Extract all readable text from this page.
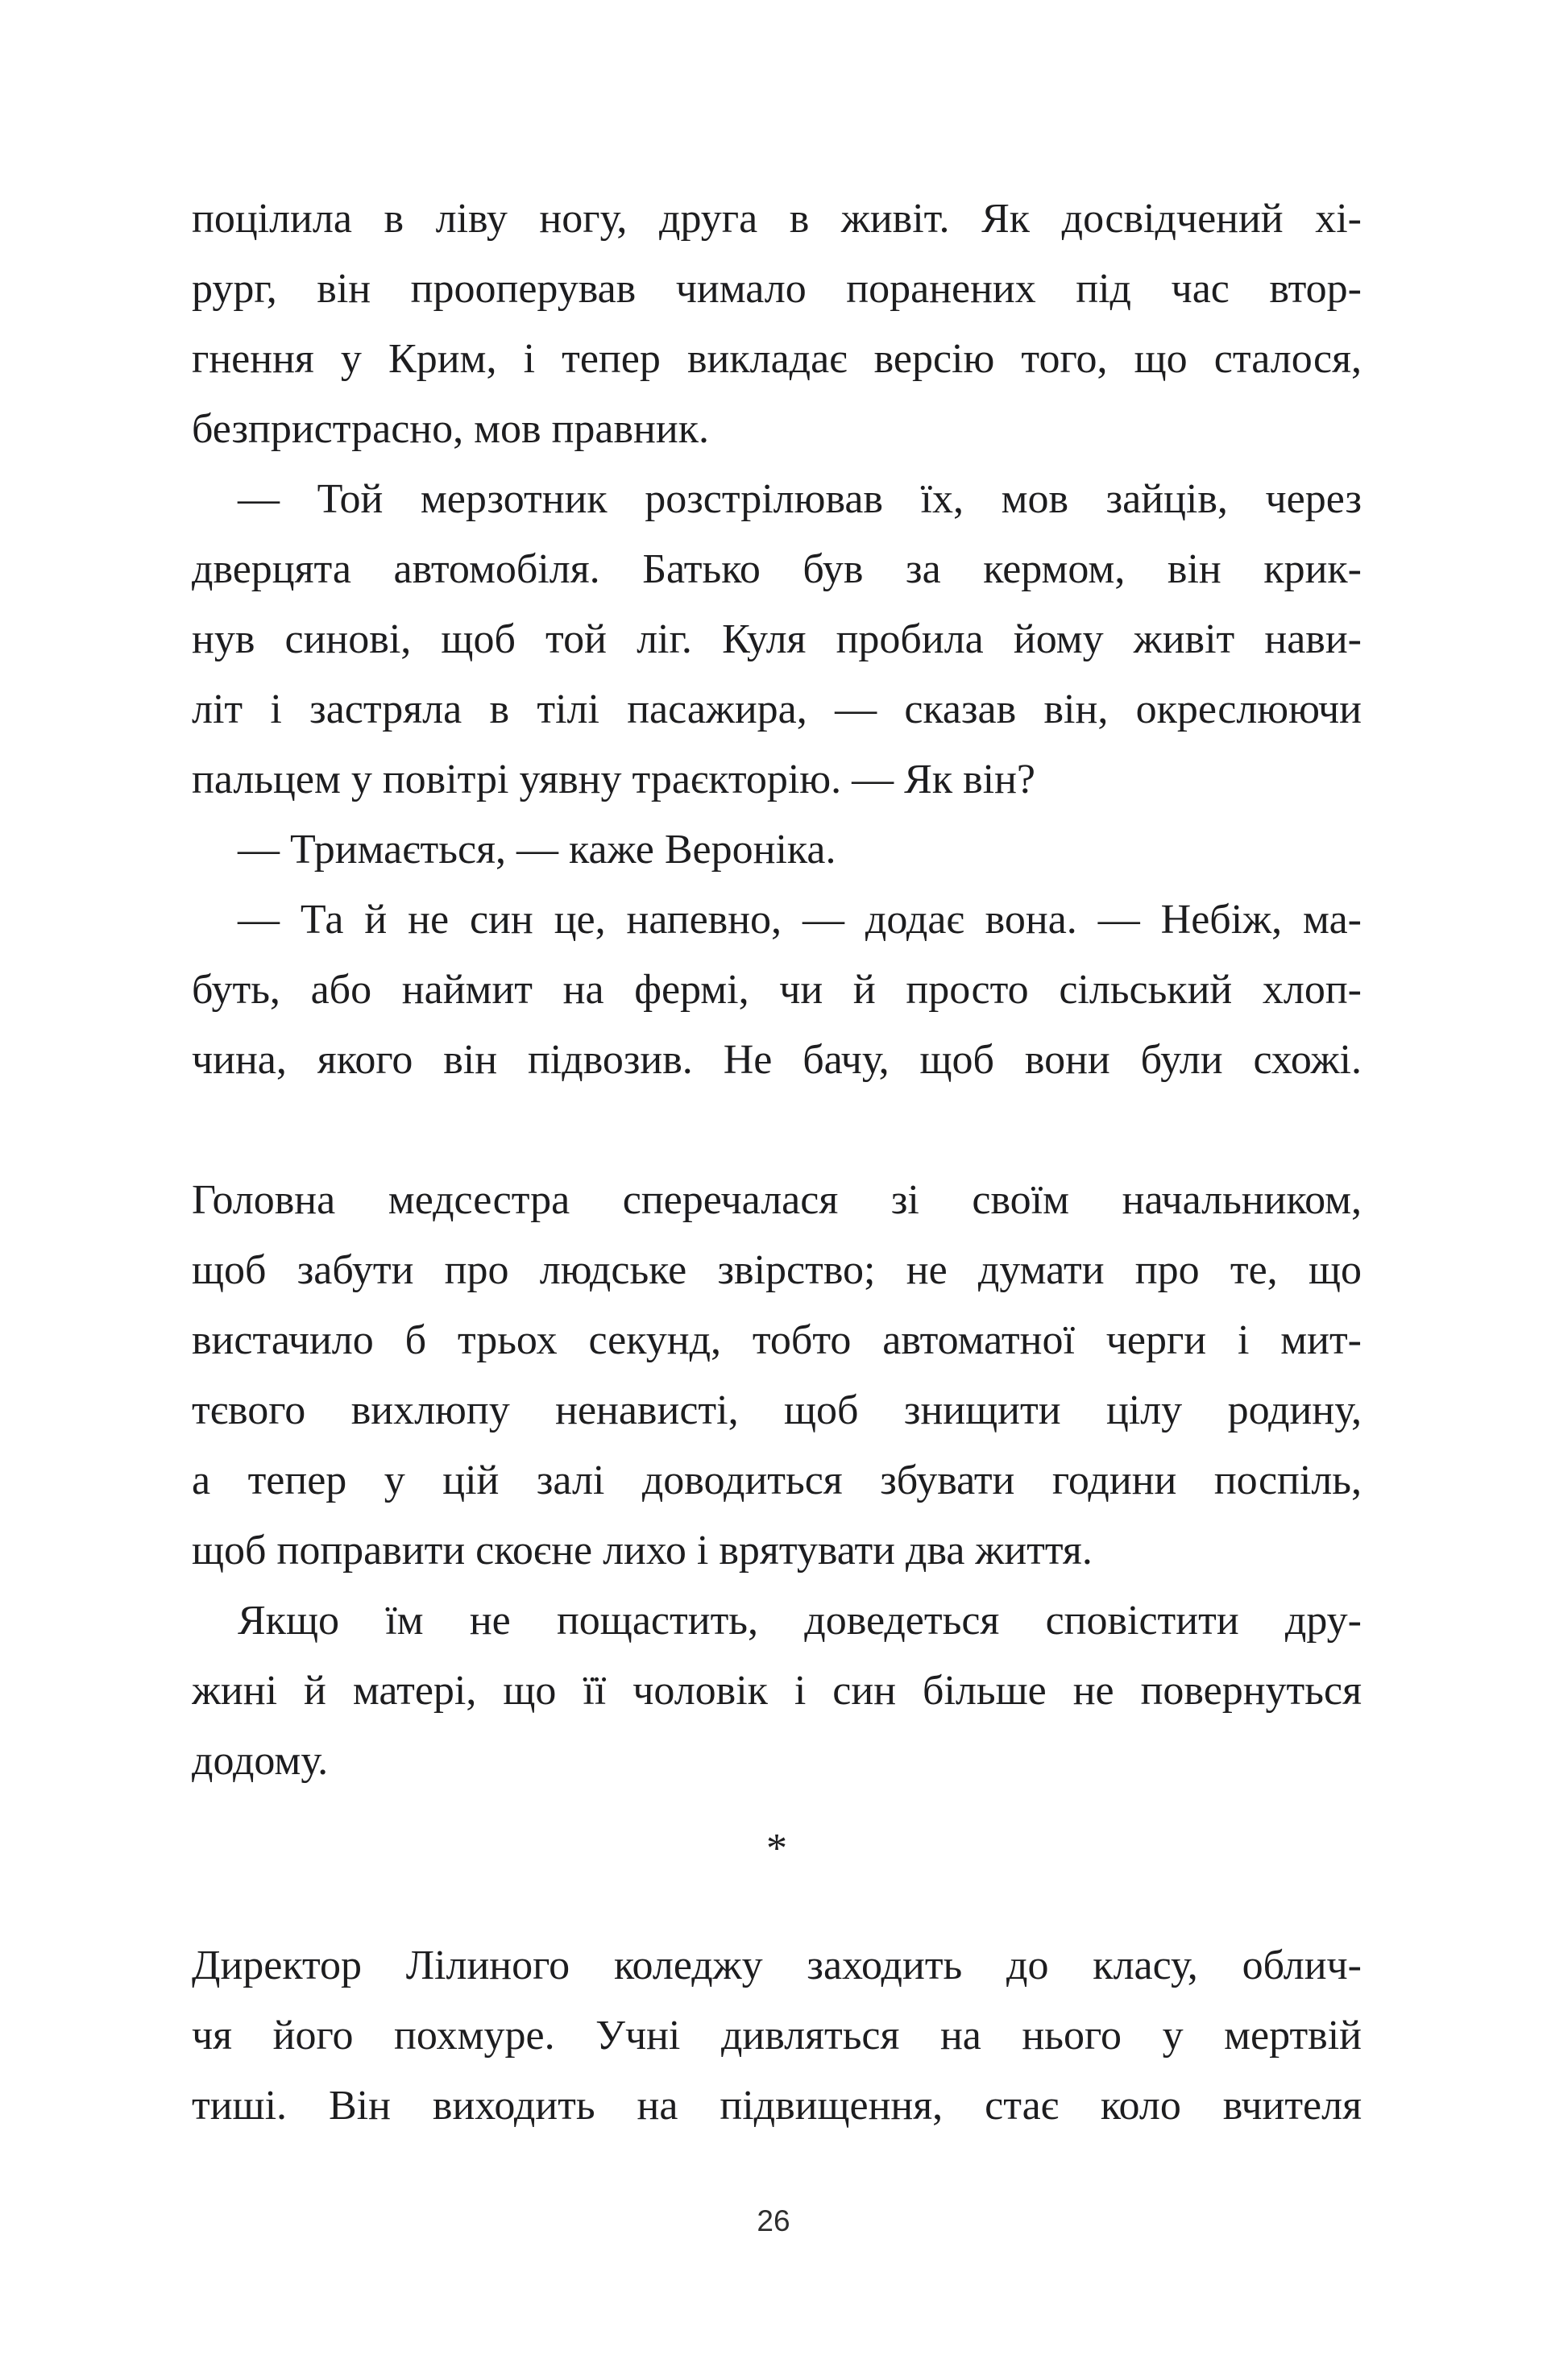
поцілила в ліву ногу, друга в живіт. Як досвідчений хі-
рург, він прооперував чимало поранених під час втор-
гнення у Крим, і тепер викладає версію того, що сталося,
безпристрасно, мов правник.
— Той мерзотник розстрілював їх, мов зайців, через
дверцята автомобіля. Батько був за кермом, він крик-
нув синові, щоб той ліг. Куля пробила йому живіт нави-
літ і застряла в тілі пасажира, — сказав він, окреслюючи
пальцем у повітрі уявну траєкторію. — Як він?
— Тримається, — каже Вероніка.
— Та й не син це, напевно, — додає вона. — Небіж, ма-
буть, або наймит на фермі, чи й просто сільський хлоп-
чина, якого він підвозив. Не бачу, щоб вони були схожі.
Головна медсестра сперечалася зі своїм начальником,
щоб забути про людське звірство; не думати про те, що
вистачило б трьох секунд, тобто автоматної черги і мит-
тєвого вихлюпу ненависті, щоб знищити цілу родину,
а тепер у цій залі доводиться збувати години поспіль,
щоб поправити скоєне лихо і врятувати два життя.
Якщо їм не пощастить, доведеться сповістити дру-
жині й матері, що її чоловік і син більше не повернуться
додому.
*
Директор Лілиного коледжу заходить до класу, облич-
чя його похмуре. Учні дивляться на нього у мертвій
тиші. Він виходить на підвищення, стає коло вчителя
26
